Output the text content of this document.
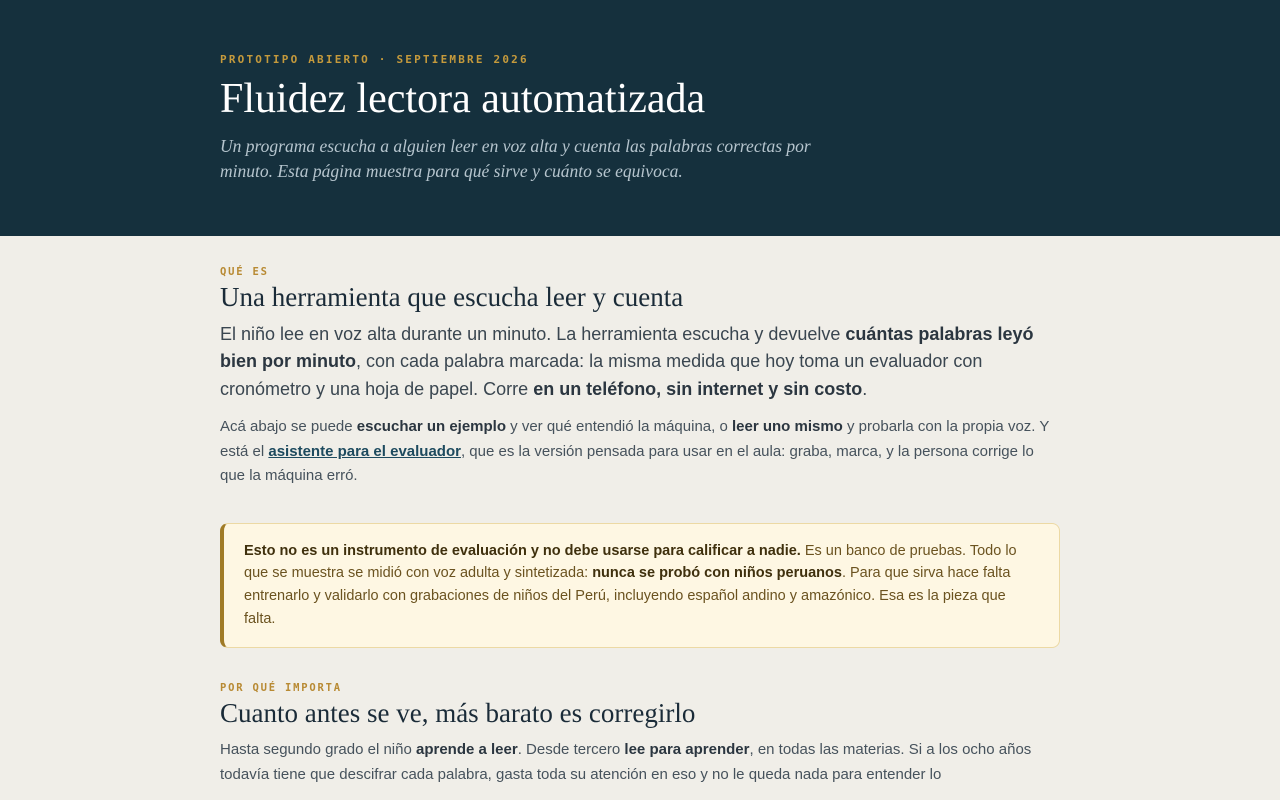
PROTOTIPO ABIERTO · SEPTIEMBRE 2026
Fluidez lectora automatizada
Un programa escucha a alguien leer en voz alta y cuenta las palabras correctas por minuto. Esta página muestra para qué sirve y cuánto se equivoca.
QUÉ ES
Una herramienta que escucha leer y cuenta

El niño lee en voz alta durante un minuto. La herramienta escucha y devuelve cuántas palabras leyó bien por minuto, con cada palabra marcada: la misma medida que hoy toma un evaluador con cronómetro y una hoja de papel. Corre en un teléfono, sin internet y sin costo.

Acá abajo se puede escuchar un ejemplo y ver qué entendió la máquina, o leer uno mismo y probarla con la propia voz. Y está el asistente para el evaluador, que es la versión pensada para usar en el aula: graba, marca, y la persona corrige lo que la máquina erró.

Esto no es un instrumento de evaluación y no debe usarse para calificar a nadie. Es un banco de pruebas. Todo lo que se muestra se midió con voz adulta y sintetizada: nunca se probó con niños peruanos. Para que sirva hace falta entrenarlo y validarlo con grabaciones de niños del Perú, incluyendo español andino y amazónico. Esa es la pieza que falta.
POR QUÉ IMPORTA
Cuanto antes se ve, más barato es corregirlo

Hasta segundo grado el niño aprende a leer. Desde tercero lee para aprender, en todas las materias. Si a los ocho años todavía tiene que descifrar cada palabra, gasta toda su atención en eso y no le queda nada para entender lo
